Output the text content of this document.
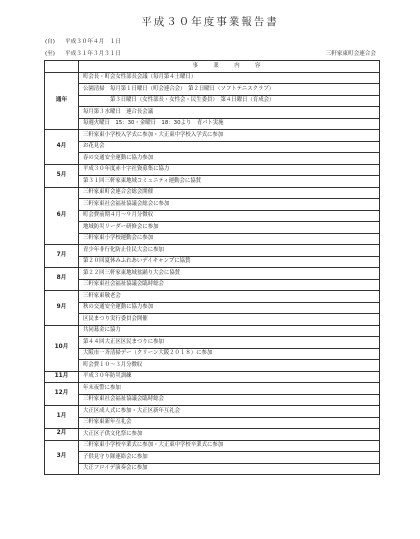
平成３０年度事業報告書
(自) 平成３０年４月　１日
(至) 平成３１年３月３１日	三軒家東町会連合会
	事　業　内　容
通年	町会長・町会女性部長会議（毎月第４土曜日）
	公園清掃　毎月第１日曜日（町会連合会）　第２日曜日（ソフトテニスクラブ）
	　　　　　第３日曜日（女性部長・女性会・民生委員）　第４日曜日（育成会）
	毎月第３水曜日　連合長会議
	毎週火曜日　15：30・金曜日　18：30より　青パト実施
4月	三軒家東小学校入学式に参加・大正東中学校入学式に参加
	お花見会
	春の交通安全運動に協力参加
5月	平成３０年度赤十字社資募集に協力
	第３１回三軒家東地域コミュニティ運動会に協賛
6月	三軒家東町会連合会総会開催
	三軒家東社会福祉協議会総会に参加
	町会費前期４月～９月分徴収
	地域防災リーダー研修会に参加
	三軒家東小学校運動会に参加
7月	青少年非行化防止住民大会に参加
	第２０回夏休みふれあいデイキャンプに協賛
8月	第２２回三軒家東地域盆踊り大会に協賛
	三軒家東社会福祉協議会臨時総会
9月	三軒家東敬老会
	秋の交通安全運動に協力参加
	区民まつり実行委員会開催
10月	共同募金に協力
	第４４回大正区区民まつりに参加
	大阪市一斉清掃デー（クリーン大阪２０１８）に参加
	町会費１０～３月分徴収
11月	平成３０年防災訓練
12月	年末夜警に参加
	三軒家東社会福祉協議会臨時総会
1月	大正区成人式に参加・大正区新年互礼会
	三軒家東新年互礼会
2月	大正区子供文化祭に参加
3月	三軒家東小学校卒業式に参加・大正東中学校卒業式に参加
	子供見守り隊連絡会に参加
	大正フロイデ演奏会に参加
